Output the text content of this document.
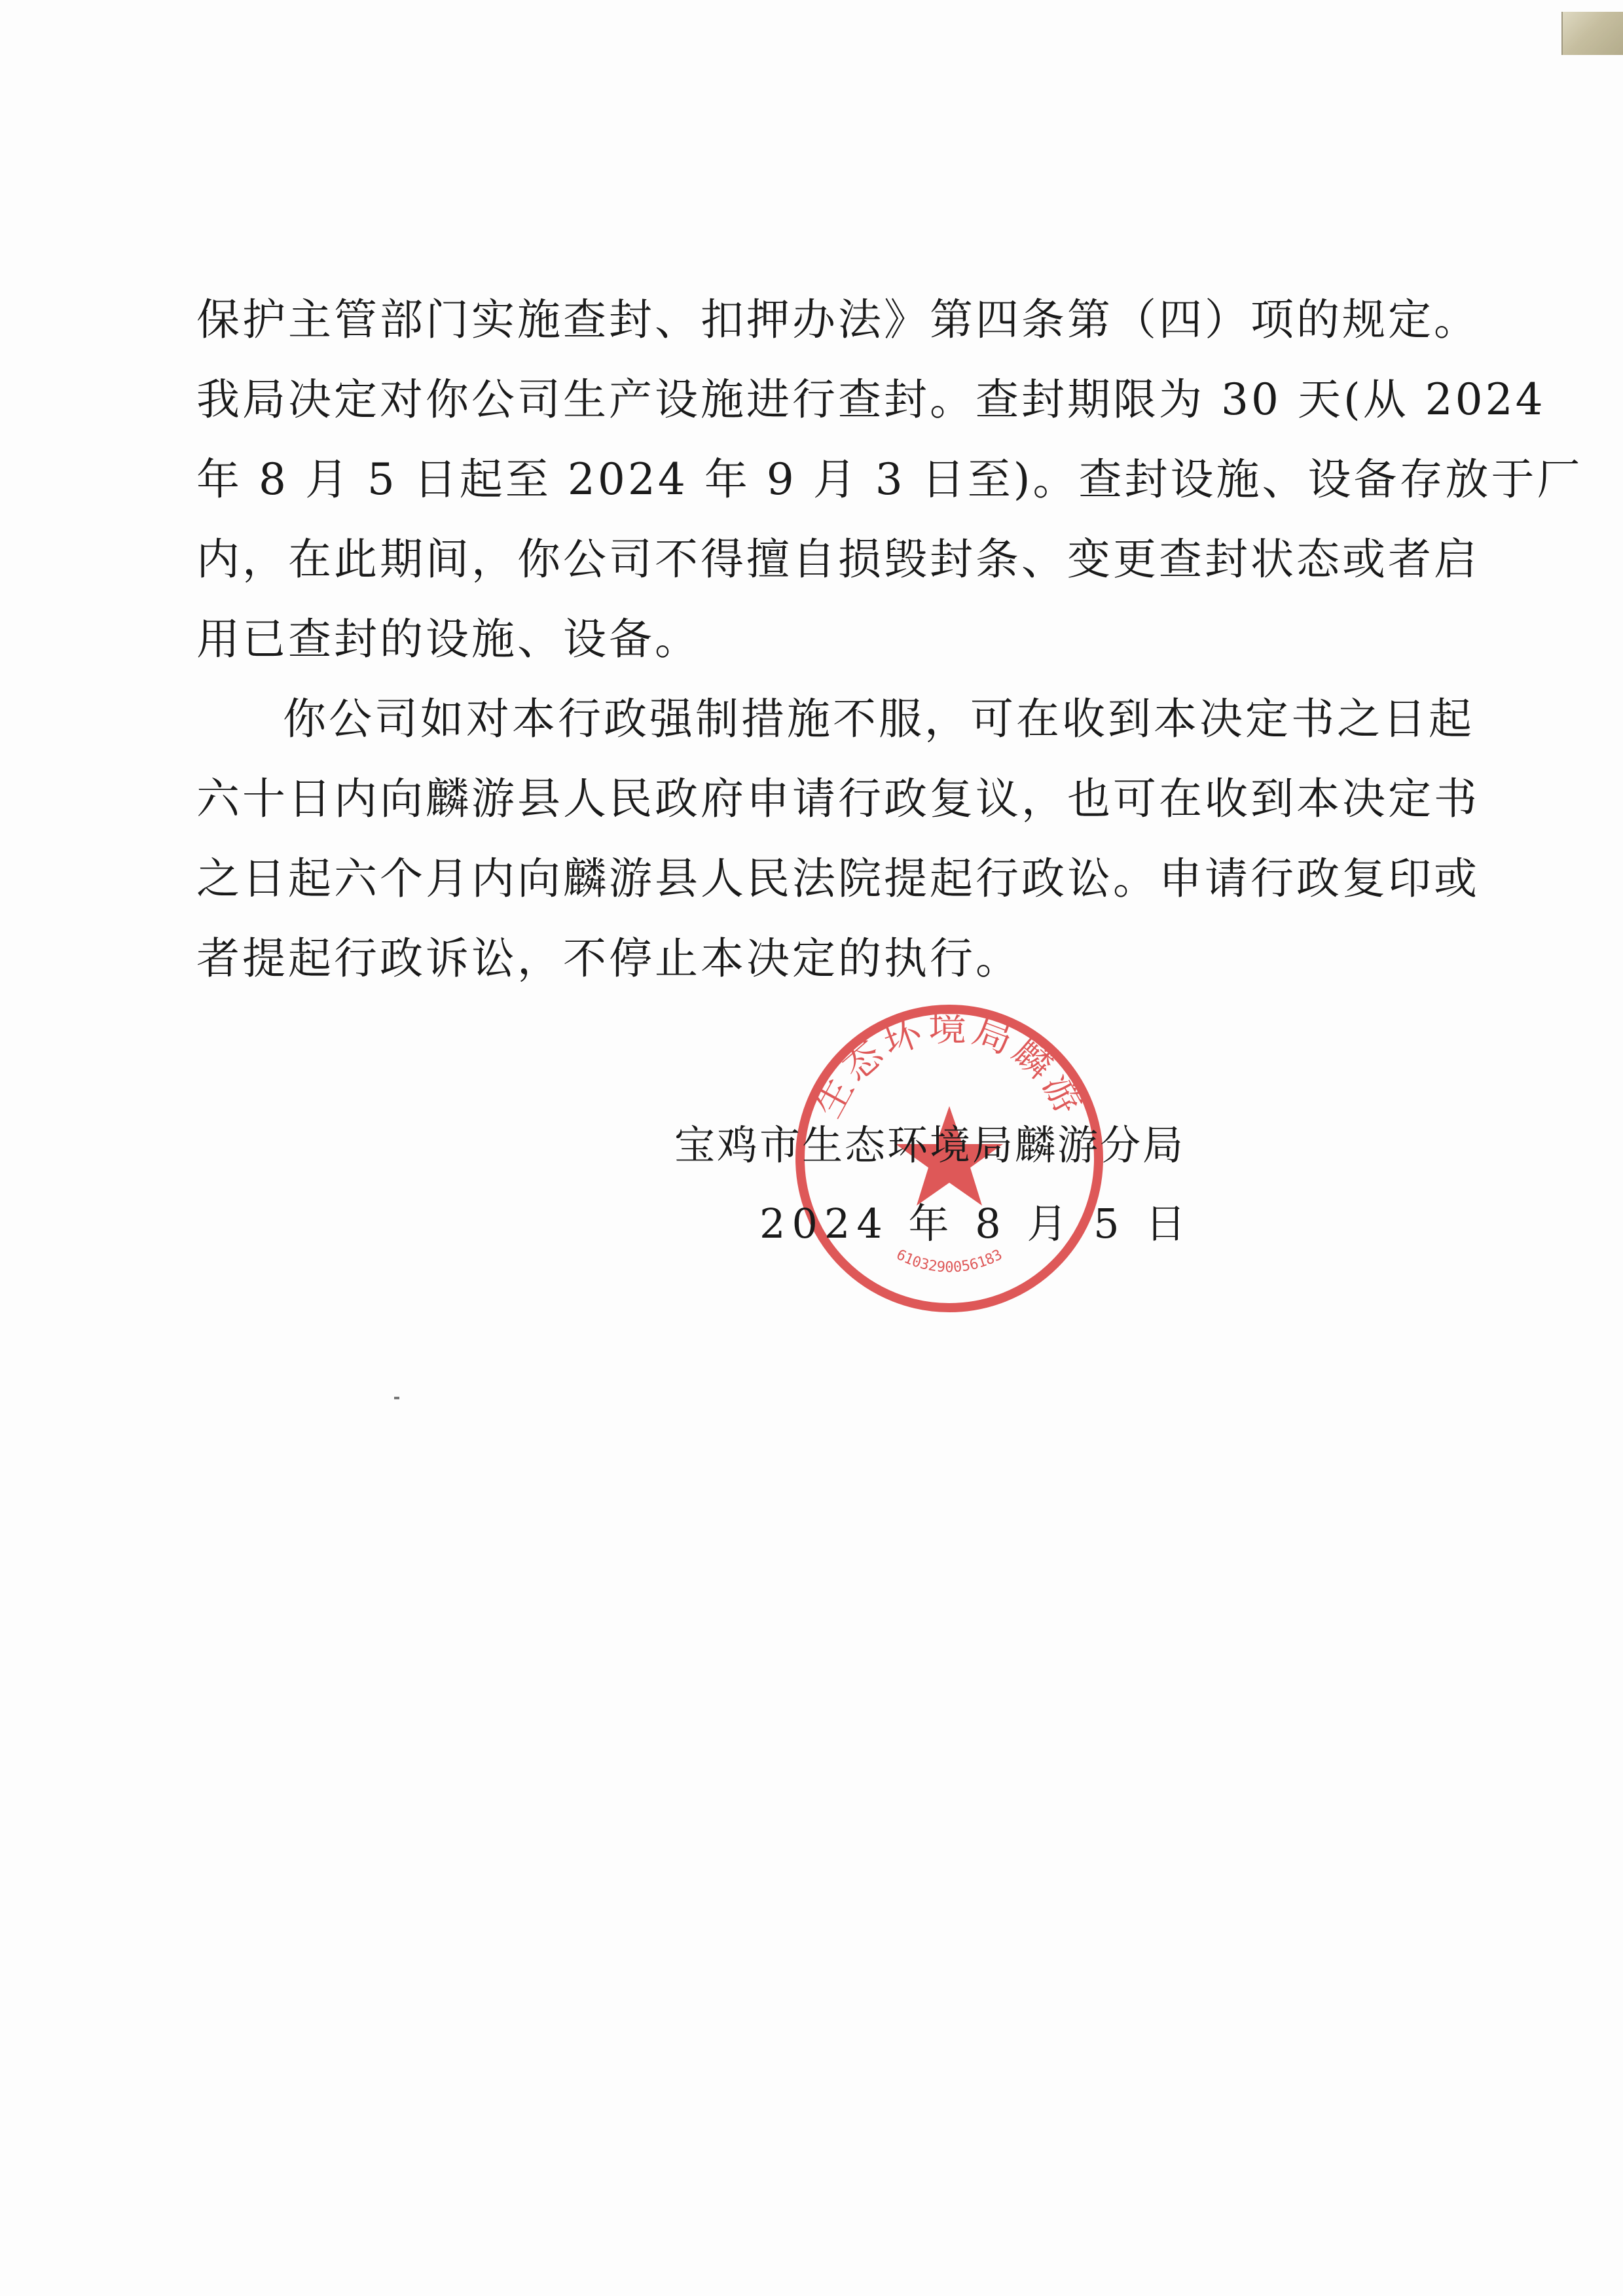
保护主管部门实施查封、扣押办法》第四条第（四）项的规定。
我局决定对你公司生产设施进行查封。查封期限为 30 天(从 2024
年 8 月 5 日起至 2024 年 9 月 3 日至)。查封设施、设备存放于厂
内，在此期间，你公司不得擅自损毁封条、变更查封状态或者启
用已查封的设施、设备。
你公司如对本行政强制措施不服，可在收到本决定书之日起
六十日内向麟游县人民政府申请行政复议，也可在收到本决定书
之日起六个月内向麟游县人民法院提起行政讼。申请行政复印或
者提起行政诉讼，不停止本决定的执行。
生态环境局麟游
6103290056183
宝鸡市生态环境局麟游分局
2024 年 8 月 5 日
